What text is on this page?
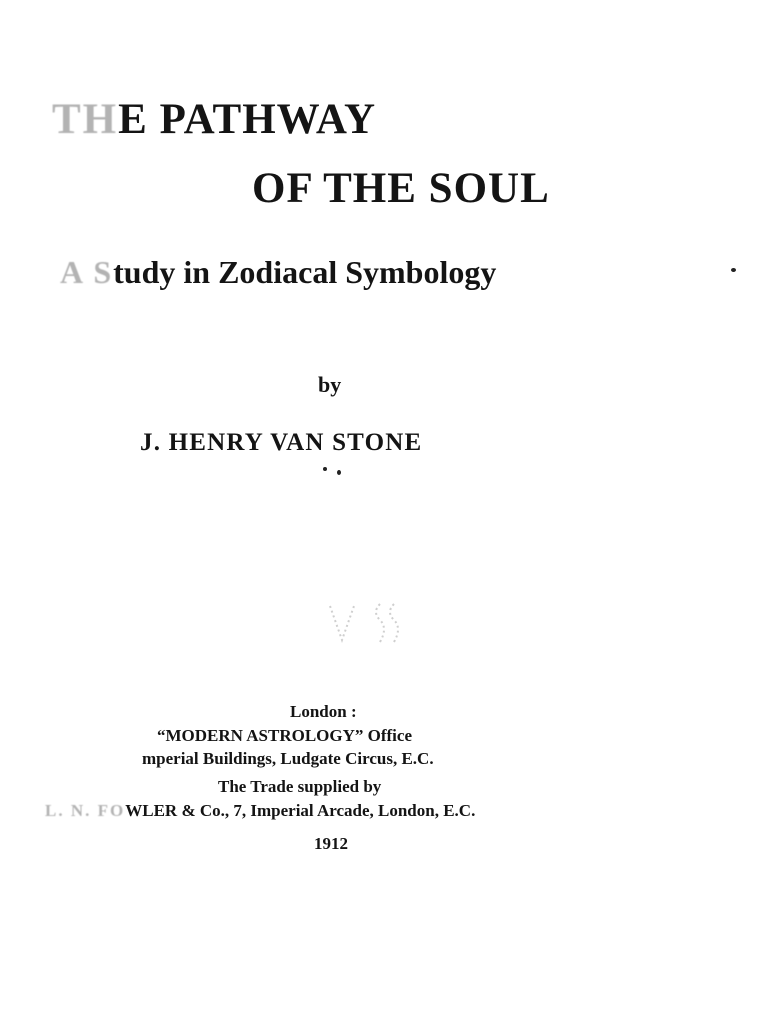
THE PATHWAY
OF THE SOUL
A Study in Zodiacal Symbology
by
J. HENRY VAN STONE
London :
“MODERN ASTROLOGY” Office
mperial Buildings, Ludgate Circus, E.C.
The Trade supplied by
L. N. FOWLER & Co., 7, Imperial Arcade, London, E.C.
1912
